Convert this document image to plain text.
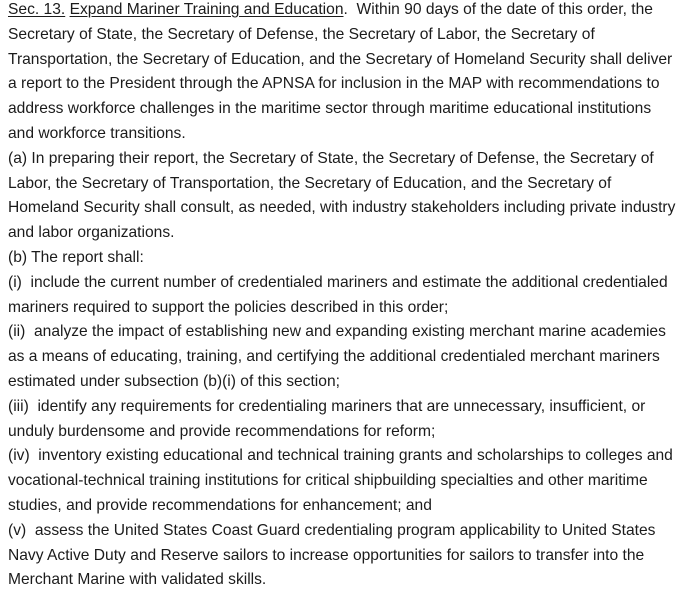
Sec. 13. Expand Mariner Training and Education.  Within 90 days of the date of this order, the Secretary of State, the Secretary of Defense, the Secretary of Labor, the Secretary of Transportation, the Secretary of Education, and the Secretary of Homeland Security shall deliver a report to the President through the APNSA for inclusion in the MAP with recommendations to address workforce challenges in the maritime sector through maritime educational institutions and workforce transitions.

(a) In preparing their report, the Secretary of State, the Secretary of Defense, the Secretary of Labor, the Secretary of Transportation, the Secretary of Education, and the Secretary of Homeland Security shall consult, as needed, with industry stakeholders including private industry and labor organizations.

(b) The report shall:

(i)  include the current number of credentialed mariners and estimate the additional credentialed mariners required to support the policies described in this order;

(ii)  analyze the impact of establishing new and expanding existing merchant marine academies as a means of educating, training, and certifying the additional credentialed merchant mariners estimated under subsection (b)(i) of this section;

(iii)  identify any requirements for credentialing mariners that are unnecessary, insufficient, or unduly burdensome and provide recommendations for reform;

(iv)  inventory existing educational and technical training grants and scholarships to colleges and vocational-technical training institutions for critical shipbuilding specialties and other maritime studies, and provide recommendations for enhancement; and

(v)  assess the United States Coast Guard credentialing program applicability to United States Navy Active Duty and Reserve sailors to increase opportunities for sailors to transfer into the Merchant Marine with validated skills.
